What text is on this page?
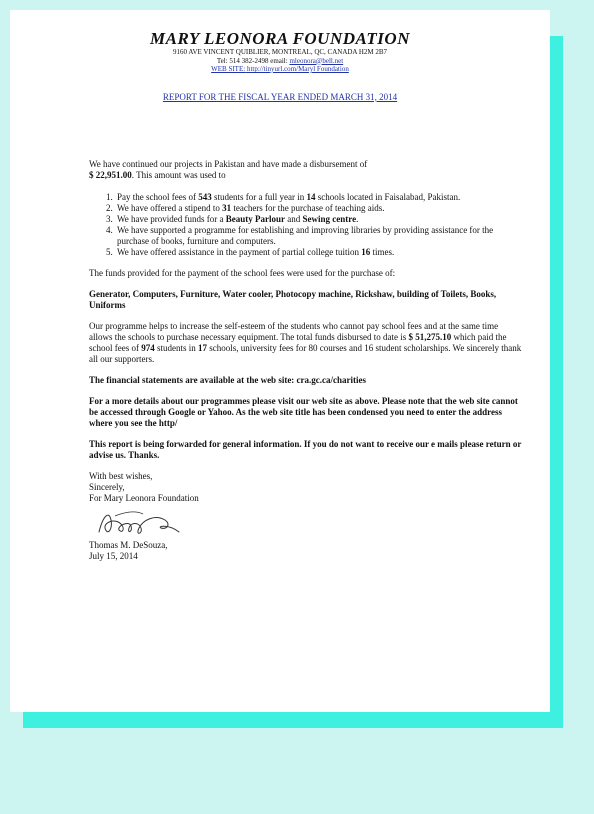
MARY LEONORA FOUNDATION

9160 AVE VINCENT QUIBLIER, MONTREAL, QC, CANADA H2M 2B7

Tel: 514 382-2498 email: mleonora@bell.net

WEB SITE: http://tinyurl.com/Maryl Foundation

REPORT FOR THE FISCAL YEAR ENDED MARCH 31, 2014

We have continued our projects in Pakistan and have made a disbursement of
$ 22,951.00. This amount was used to

1. Pay the school fees of 543 students for a full year in 14 schools located in Faisalabad, Pakistan.
2. We have offered a stipend to 31 teachers for the purchase of teaching aids.
3. We have provided funds for a Beauty Parlour and Sewing centre.
4. We have supported a programme for establishing and improving libraries by providing assistance for the purchase of books, furniture and computers.
5. We have offered assistance in the payment of partial college tuition 16 times.

The funds provided for the payment of the school fees were used for the purchase of:

Generator, Computers, Furniture, Water cooler, Photocopy machine, Rickshaw, building of Toilets, Books, Uniforms

Our programme helps to increase the self-esteem of the students who cannot pay school fees and at the same time allows the schools to purchase necessary equipment. The total funds disbursed to date is $ 51,275.10 which paid the school fees of 974 students in 17 schools, university fees for 80 courses and 16 student scholarships. We sincerely thank all our supporters.

The financial statements are available at the web site: cra.gc.ca/charities

For a more details about our programmes please visit our web site as above. Please note that the web site cannot be accessed through Google or Yahoo. As the web site title has been condensed you need to enter the address where you see the http/

This report is being forwarded for general information. If you do not want to receive our e mails please return or advise us. Thanks.

With best wishes,
Sincerely,
For Mary Leonora Foundation
Thomas M. DeSouza,
July 15, 2014
